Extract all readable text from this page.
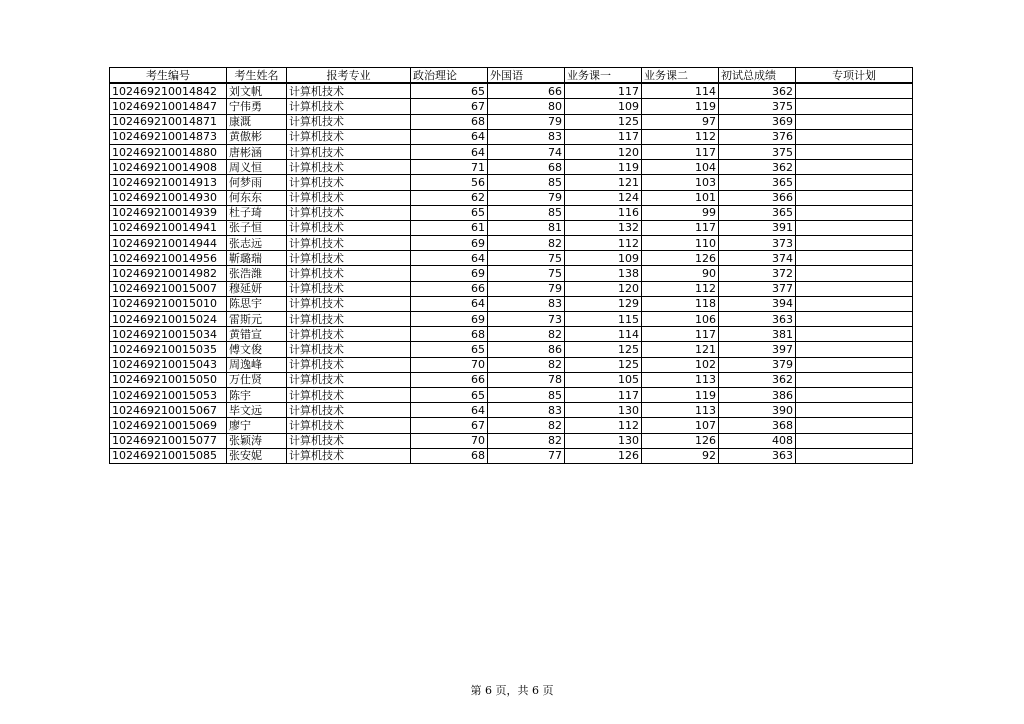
考生编号	考生姓名	报考专业	政治理论	外国语	业务课一	业务课二	初试总成绩	专项计划
102469210014842	刘文帆	计算机技术	65	66	117	114	362	
102469210014847	宁伟勇	计算机技术	67	80	109	119	375	
102469210014871	康溉	计算机技术	68	79	125	97	369	
102469210014873	黄傲彬	计算机技术	64	83	117	112	376	
102469210014880	唐彬涵	计算机技术	64	74	120	117	375	
102469210014908	周义恒	计算机技术	71	68	119	104	362	
102469210014913	何梦雨	计算机技术	56	85	121	103	365	
102469210014930	何东东	计算机技术	62	79	124	101	366	
102469210014939	杜子琦	计算机技术	65	85	116	99	365	
102469210014941	张子恒	计算机技术	61	81	132	117	391	
102469210014944	张志远	计算机技术	69	82	112	110	373	
102469210014956	靳璐瑞	计算机技术	64	75	109	126	374	
102469210014982	张浩潍	计算机技术	69	75	138	90	372	
102469210015007	穆延妍	计算机技术	66	79	120	112	377	
102469210015010	陈思宇	计算机技术	64	83	129	118	394	
102469210015024	雷斯元	计算机技术	69	73	115	106	363	
102469210015034	黄错宣	计算机技术	68	82	114	117	381	
102469210015035	傅文俊	计算机技术	65	86	125	121	397	
102469210015043	周逸峰	计算机技术	70	82	125	102	379	
102469210015050	万仕贤	计算机技术	66	78	105	113	362	
102469210015053	陈宇	计算机技术	65	85	117	119	386	
102469210015067	毕文远	计算机技术	64	83	130	113	390	
102469210015069	廖宁	计算机技术	67	82	112	107	368	
102469210015077	张颖涛	计算机技术	70	82	130	126	408	
102469210015085	张安妮	计算机技术	68	77	126	92	363	
第 6 页，共 6 页
